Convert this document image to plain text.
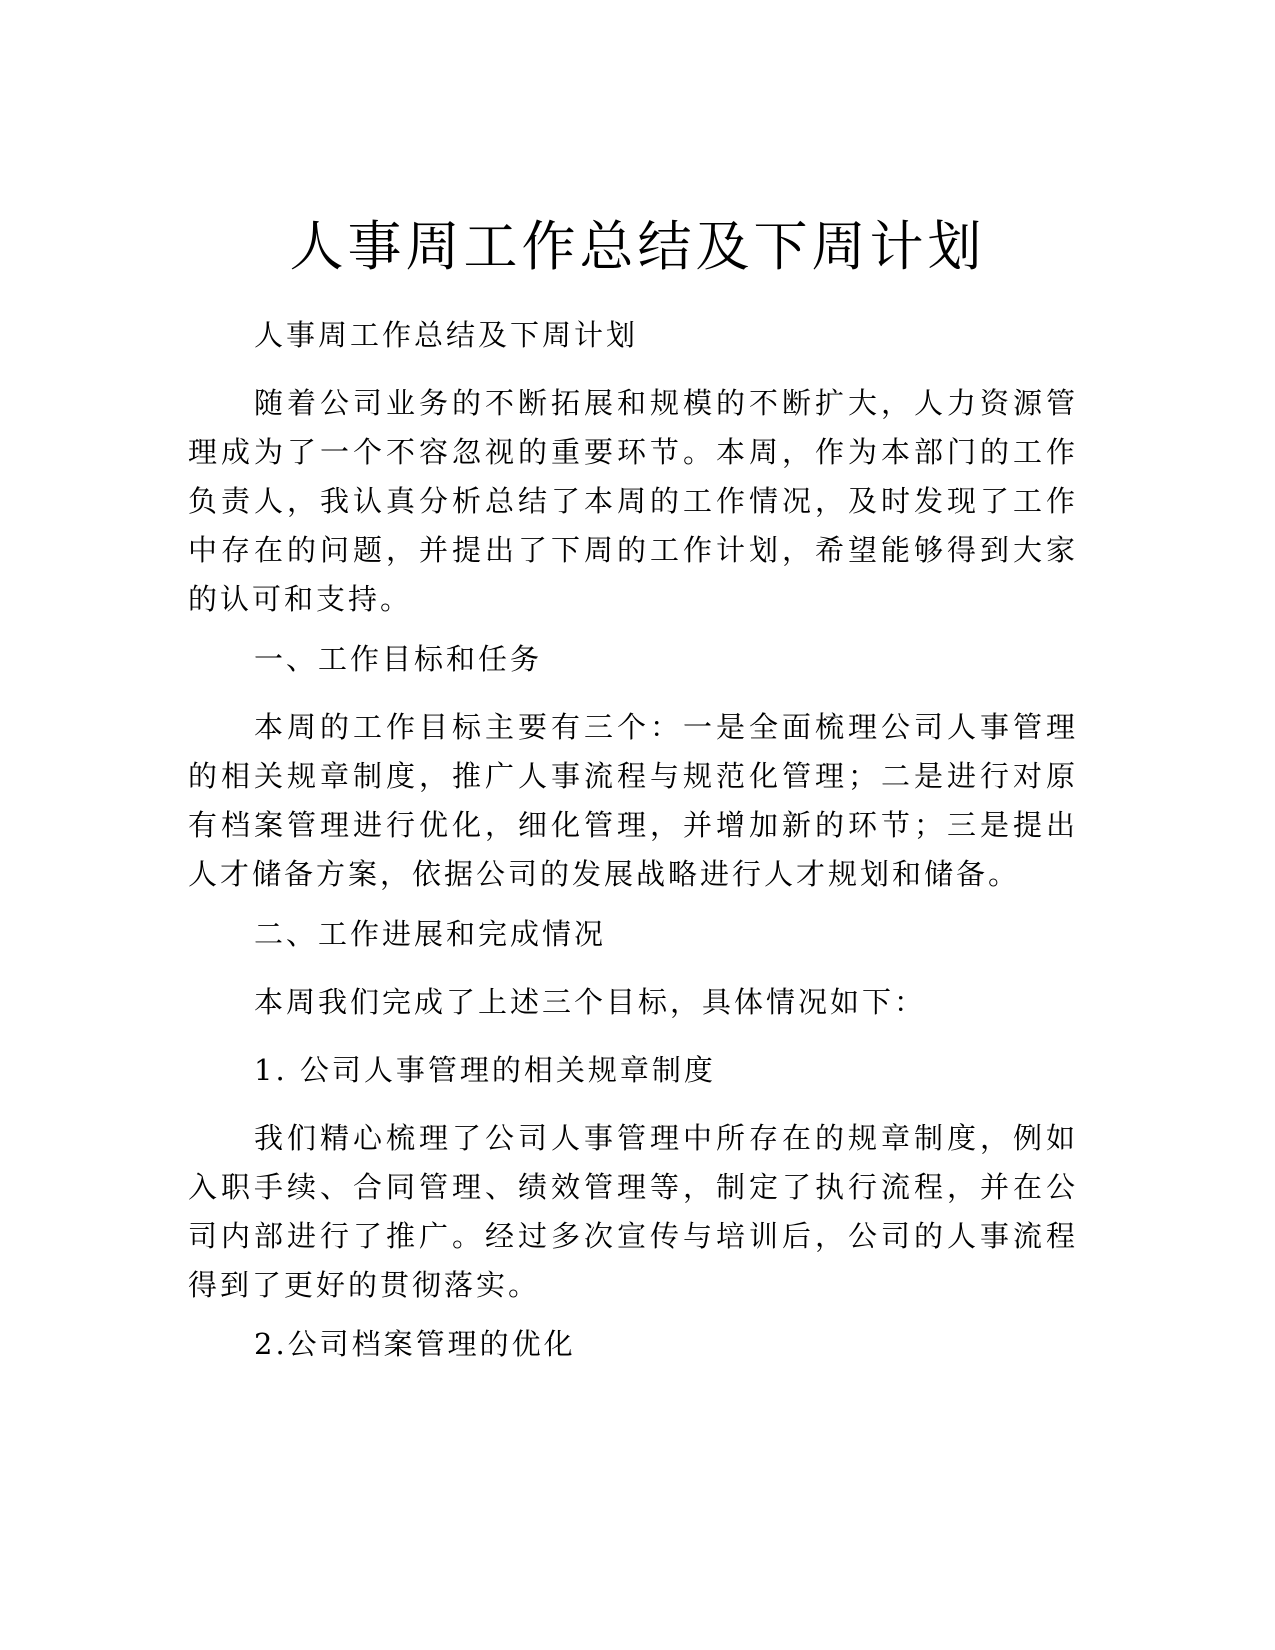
人事周工作总结及下周计划

人事周工作总结及下周计划

随着公司业务的不断拓展和规模的不断扩大，人力资源管理成为了一个不容忽视的重要环节。本周，作为本部门的工作负责人，我认真分析总结了本周的工作情况，及时发现了工作中存在的问题，并提出了下周的工作计划，希望能够得到大家的认可和支持。

一、工作目标和任务

本周的工作目标主要有三个：一是全面梳理公司人事管理的相关规章制度，推广人事流程与规范化管理；二是进行对原有档案管理进行优化，细化管理，并增加新的环节；三是提出人才储备方案，依据公司的发展战略进行人才规划和储备。

二、工作进展和完成情况

本周我们完成了上述三个目标，具体情况如下：

1. 公司人事管理的相关规章制度

我们精心梳理了公司人事管理中所存在的规章制度，例如入职手续、合同管理、绩效管理等，制定了执行流程，并在公司内部进行了推广。经过多次宣传与培训后，公司的人事流程得到了更好的贯彻落实。

2.公司档案管理的优化
